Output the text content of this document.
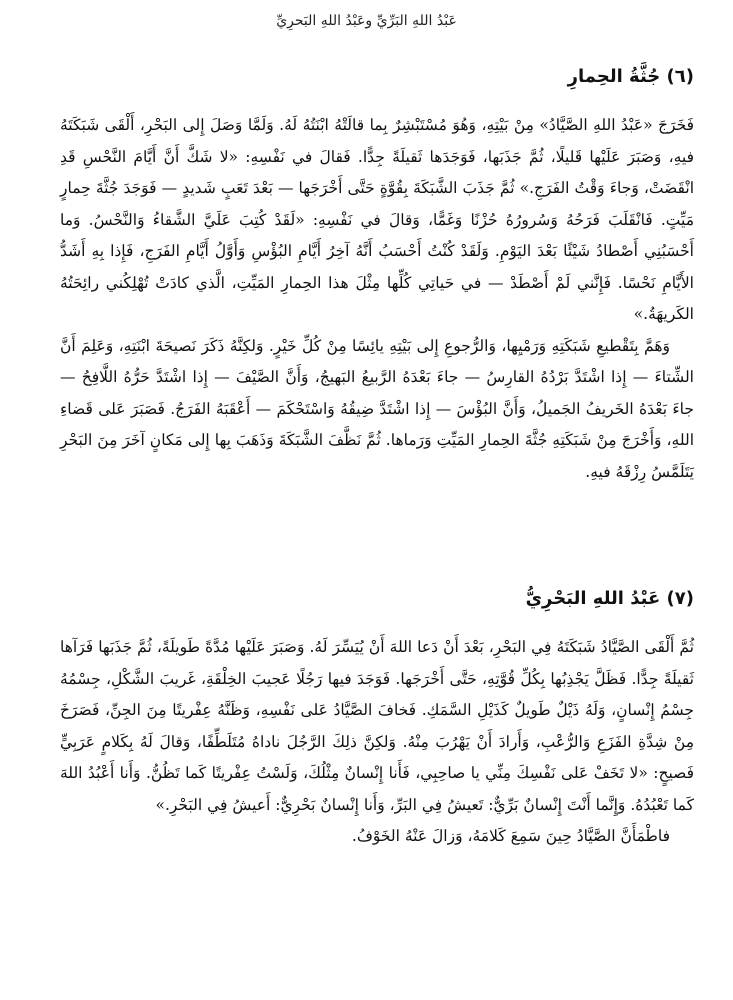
عَبْدُ اللهِ البَرِّيِّ وعَبْدُ اللهِ البَحرِيِّ
(٦) جُثَّةُ الحِمارِ

فَخَرَجَ «عَبْدُ اللهِ الصَّيَّادُ» مِنْ بَيْتِهِ، وَهُوَ مُسْتَبْشِرٌ بِما قالَتْهُ ابْنَتُهُ لَهُ. وَلَمَّا وَصَلَ إِلى البَحْرِ، أَلْقَى شَبَكَتَهُ فيهِ، وَصَبَرَ عَلَيْها قَليلًا، ثُمَّ جَذَبَها، فَوَجَدَها ثَقيلَةً جِدًّا. فَقالَ في نَفْسِهِ: «لا شَكَّ أَنَّ أَيَّامَ النَّحْسِ قَدِ انْقَضَتْ، وَجاءَ وَقْتُ الفَرَجِ.» ثُمَّ جَذَبَ الشَّبَكَةَ بِقُوَّةٍ حَتَّى أَخْرَجَها — بَعْدَ تَعَبٍ شَديدٍ — فَوَجَدَ جُثَّةَ حِمارٍ مَيِّتٍ. فَانْقَلَبَ فَرَحُهُ وَسُرورُهُ حُزْنًا وَغَمًّا، وَقالَ في نَفْسِهِ: «لَقَدْ كُتِبَ عَلَيَّ الشَّقاءُ وَالنَّحْسُ. وَما أَحْسَبُنِي أَصْطادُ شَيْئًا بَعْدَ اليَوْمِ. وَلَقَدْ كُنْتُ أَحْسَبُ أَنَّهُ آخِرُ أَيَّامِ البُؤْسِ وَأَوَّلُ أَيَّامِ الفَرَجِ، فَإِذا بِهِ أَشَدُّ الأَيَّامِ نَحْسًا. فَإِنَّني لَمْ أَصْطَدْ — في حَياتِي كُلِّها مِثْلَ هذا الحِمارِ المَيِّتِ، الَّذي كادَتْ تُهْلِكُني رائِحَتُهُ الكَريهَةُ.»

وَهَمَّ بِتَقْطيعِ شَبَكَتِهِ وَرَمْيِها، وَالرُّجوعِ إِلى بَيْتِهِ يائِسًا مِنْ كُلِّ خَيْرٍ. وَلكِنَّهُ ذَكَرَ نَصيحَةَ ابْنَتِهِ، وَعَلِمَ أَنَّ الشِّتاءَ — إِذا اشْتَدَّ بَرْدُهُ القارِسُ — جاءَ بَعْدَهُ الرَّبيعُ البَهيجُ، وَأَنَّ الصَّيْفَ — إِذا اشْتَدَّ حَرُّهُ اللَّافِحُ — جاءَ بَعْدَهُ الخَريفُ الجَميلُ، وَأَنَّ البُؤْسَ — إِذا اشْتَدَّ ضِيقُهُ وَاسْتَحْكَمَ — أَعْقَبَهُ الفَرَجُ. فَصَبَرَ عَلى قَضاءِ اللهِ، وَأَخْرَجَ مِنْ شَبَكَتِهِ جُثَّةَ الحِمارِ المَيِّتِ وَرَماها. ثُمَّ نَظَّفَ الشَّبَكَةَ وَذَهَبَ بِها إِلى مَكانٍ آخَرَ مِنَ البَحْرِ يَتَلَمَّسُ رِزْقَهُ فيهِ.

(٧) عَبْدُ اللهِ البَحْرِيُّ

ثُمَّ أَلْقَى الصَّيَّادُ شَبَكَتَهُ فِي البَحْرِ، بَعْدَ أَنْ دَعا اللهَ أَنْ يُيَسِّرَ لَهُ. وَصَبَرَ عَلَيْها مُدَّةً طَويلَةً، ثُمَّ جَذَبَها فَرَآها ثَقيلَةً جِدًّا. فَظَلَّ يَجْذِبُها بِكُلِّ قُوَّتِهِ، حَتَّى أَخْرَجَها. فَوَجَدَ فيها رَجُلًا عَجيبَ الخِلْقَةِ، غَريبَ الشَّكْلِ، جِسْمُهُ جِسْمُ إِنْسانٍ، وَلَهُ ذَيْلٌ طَويلٌ كَذَيْلِ السَّمَكِ. فَخافَ الصَّيَّادُ عَلى نَفْسِهِ، وَظَنَّهُ عِفْريتًا مِنَ الجِنِّ، فَصَرَخَ مِنْ شِدَّةِ الفَزَعِ وَالرُّعْبِ، وَأَرادَ أَنْ يَهْرُبَ مِنْهُ. وَلكِنَّ ذلِكَ الرَّجُلَ ناداهُ مُتَلَطِّفًا، وَقالَ لَهُ بِكَلامٍ عَرَبِيٍّ فَصيحٍ: «لا تَخَفْ عَلى نَفْسِكَ مِنِّي يا صاحِبِي، فَأَنا إِنْسانٌ مِثْلُكَ، وَلَسْتُ عِفْريتًا كَما تَظُنُّ. وَأَنا أَعْبُدُ اللهَ كَما تَعْبُدُهُ. وَإِنَّما أَنْتَ إِنْسانٌ بَرِّيٌّ: تَعيشُ فِي البَرِّ، وَأَنا إِنْسانٌ بَحْرِيٌّ: أَعيشُ فِي البَحْرِ.»

فاطْمَأَنَّ الصَّيَّادُ حِينَ سَمِعَ كَلامَهُ، وَزالَ عَنْهُ الخَوْفُ.
